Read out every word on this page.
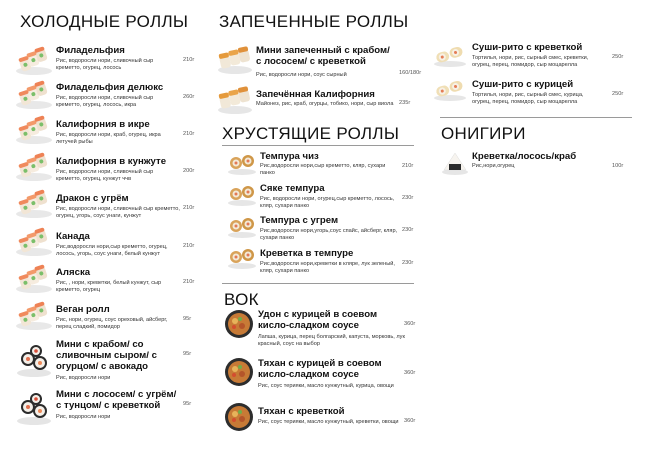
ХОЛОДНЫЕ РОЛЛЫ ЗАПЕЧЕННЫЕ РОЛЛЫ
ХРУСТЯЩИЕ РОЛЛЫ
ВОК
ОНИГИРИ
Филадельфия
Рис, водоросли нори, сливочный сыр креметто, огурец, лосось
210г
Филадельфия делюкс
Рис, водоросли нори, сливочный сыр креметто, огурец, лосось, икра
260г
Калифорния в икре
Рис, водоросли нори, краб, огурец, икра летучей рыбы
210г
Калифорния в кунжуте
Рис, водоросли нори, сливочный сыр креметто, огурец, кунжут ччв
200г
Дракон с угрём
Рис, водоросли нори, сливочный сыр креметто, огурец, угорь, соус унаги, кунжут
210г
Канада
Рис,водоросли нори,сыр креметто, огурец, лосось, угорь, соус унаги, белый кунжут
210г
Аляска
Рис, , нори, креветки, белый кунжут, сыр креметто, огурец
210г
Веган ролл
Рис, нори, огурец, соус ореховый, айсберг, перец сладкий, помидор
95г
Мини с крабом/ со сливочным сыром/ с огурцом/ с авокадо
Рис, водоросли нори
95г
Мини с лососем/ с угрём/ с тунцом/ с креветкой
Рис, водоросли нори
95г
Мини запеченный с крабом/ с лососем/ с креветкой
Рис, водоросли нори, соус сырный	160/180г
Запечённая Калифорния
Майонез, рис, краб, огурцы, тобико, нори, сыр виола 235г
Темпура чиз
Рис,водоросли нори,сыр креметто, кляр, сухари панко
210г
Сяке темпура
Рис, водоросли нори, огурец,сыр креметто, лосось, кляр, сухари панко
230г
Темпура с угрем
Рис,водоросли нори,угорь,соус спайс, айсберг, кляр, сухари панко
230г
Креветка в темпуре
Рис,водоросли нори,креветки в кляре, лук зеленый, кляр, сухари панко
230г
Удон с курицей в соевом кисло-сладком соусе
Лапша, курица, перец болгарский, капуста, морковь, лук красный, соус на выбор
360г
Тяхан с курицей в соевом кисло-сладком соусе
Рис, соус терияки, масло кунжутный, курица, овощи
360г
Тяхан с креветкой
Рис, соус терияки, масло кунжутный, креветки, овощи 360г
Суши-рито с креветкой
Тортилья, нори, рис, сырный смес, креветки, огурец, перец, помидор, сыр моцарелла
250г
Суши-рито с курицей
Тортилья, нори, рис, сырный смес, курица, огурец, перец, помидор, сыр моцарелла
250г
Креветка/лосось/краб
Рис,нори,огурец	100г
